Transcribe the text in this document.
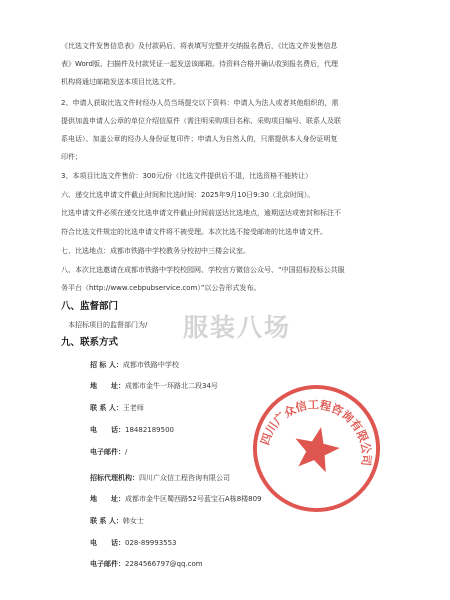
《比选文件发售信息表》及付款码后，将表填写完整并交纳报名费后，《比选文件发售信息

表》Word版、扫描件及付款凭证一起发送该邮箱。待资料合格并确认收到报名费后，代理

机构将通过邮箱发送本项目比选文件。

2、申请人获取比选文件时经办人员当场提交以下资料：申请人为法人或者其他组织的，需

提供加盖申请人公章的单位介绍信原件（需注明采购项目名称、采购项目编号、联系人及联

系电话）、加盖公章的经办人身份证复印件；申请人为自然人的，只需提供本人身份证明复

印件；

3、本项目比选文件售价：300元/份（比选文件提供后不退，比选资格不能转让）

六、递交比选申请文件截止时间和比选时间：2025年9月10日9:30（北京时间）。

比选申请文件必须在递交比选申请文件截止时间前送达比选地点，逾期送达或密封和标注不

符合比选文件规定的比选申请文件将不被受理。本次比选不接受邮寄的比选申请文件。

七、比选地点：成都市铁路中学校教务分校初中三楼会议室。

八、本次比选邀请在成都市铁路中学校校园网、学校官方微信公众号、“中国招标投标公共服

务平台（http://www.cebpubservice.com）”以公告形式发布。

服装八场

八、监督部门

本招标项目的监督部门为/

九、联系方式

招 标 人：成都市铁路中学校

地　　址：成都市金牛一环路北二段34号

联 系 人：王老师

电　　话：18482189500

电子邮件：/

招标代理机构：四川广众信工程咨询有限公司

地　　址：成都市金牛区蜀西路52号蓝宝石A栋8楼809

联 系 人：韩女士

电　　话：028-89993553

电子邮件：2284566797@qq.com

四川广众信工程咨询有限公司
